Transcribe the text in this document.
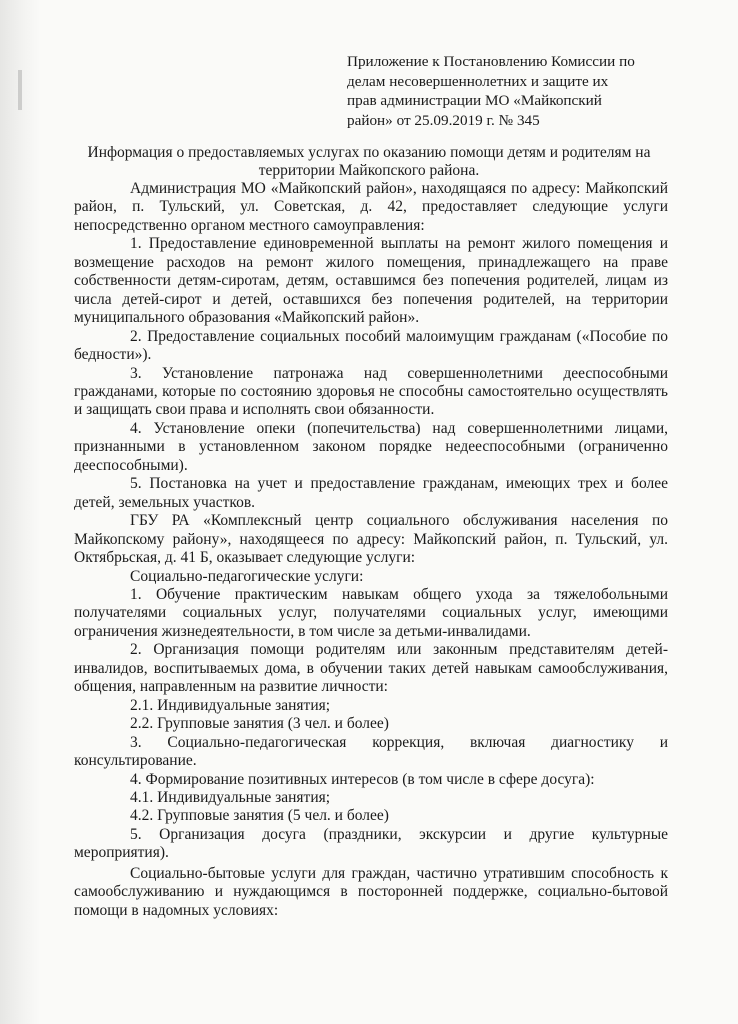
Приложение к Постановлению Комиссии по
делам несовершеннолетних и защите их
прав администрации МО «Майкопский
район» от 25.09.2019 г. № 345
Информация о предоставляемых услугах по оказанию помощи детям и родителям на территории Майкопского района.

Администрация МО «Майкопский район», находящаяся по адресу: Майкопский район, п. Тульский, ул. Советская, д. 42, предоставляет следующие услуги непосредственно органом местного самоуправления:

1. Предоставление единовременной выплаты на ремонт жилого помещения и возмещение расходов на ремонт жилого помещения, принадлежащего на праве собственности детям-сиротам, детям, оставшимся без попечения родителей, лицам из числа детей-сирот и детей, оставшихся без попечения родителей, на территории муниципального образования «Майкопский район».

2. Предоставление социальных пособий малоимущим гражданам («Пособие по бедности»).

3. Установление патронажа над совершеннолетними дееспособными гражданами, которые по состоянию здоровья не способны самостоятельно осуществлять и защищать свои права и исполнять свои обязанности.

4. Установление опеки (попечительства) над совершеннолетними лицами, признанными в установленном законом порядке недееспособными (ограниченно дееспособными).

5. Постановка на учет и предоставление гражданам, имеющих трех и более детей, земельных участков.

ГБУ РА «Комплексный центр социального обслуживания населения по Майкопскому району», находящееся по адресу: Майкопский район, п. Тульский, ул. Октябрьская, д. 41 Б, оказывает следующие услуги:

Социально-педагогические услуги:

1. Обучение практическим навыкам общего ухода за тяжелобольными получателями социальных услуг, получателями социальных услуг, имеющими ограничения жизнедеятельности, в том числе за детьми-инвалидами.

2. Организация помощи родителям или законным представителям детей-инвалидов, воспитываемых дома, в обучении таких детей навыкам самообслуживания, общения, направленным на развитие личности:

2.1. Индивидуальные занятия;

2.2. Групповые занятия (3 чел. и более)

3. Социально-педагогическая коррекция, включая диагностику и консультирование.

4. Формирование позитивных интересов (в том числе в сфере досуга):

4.1. Индивидуальные занятия;

4.2. Групповые занятия (5 чел. и более)

5. Организация досуга (праздники, экскурсии и другие культурные мероприятия).

Социально-бытовые услуги для граждан, частично утратившим способность к самообслуживанию и нуждающимся в посторонней поддержке, социально-бытовой помощи в надомных условиях:
